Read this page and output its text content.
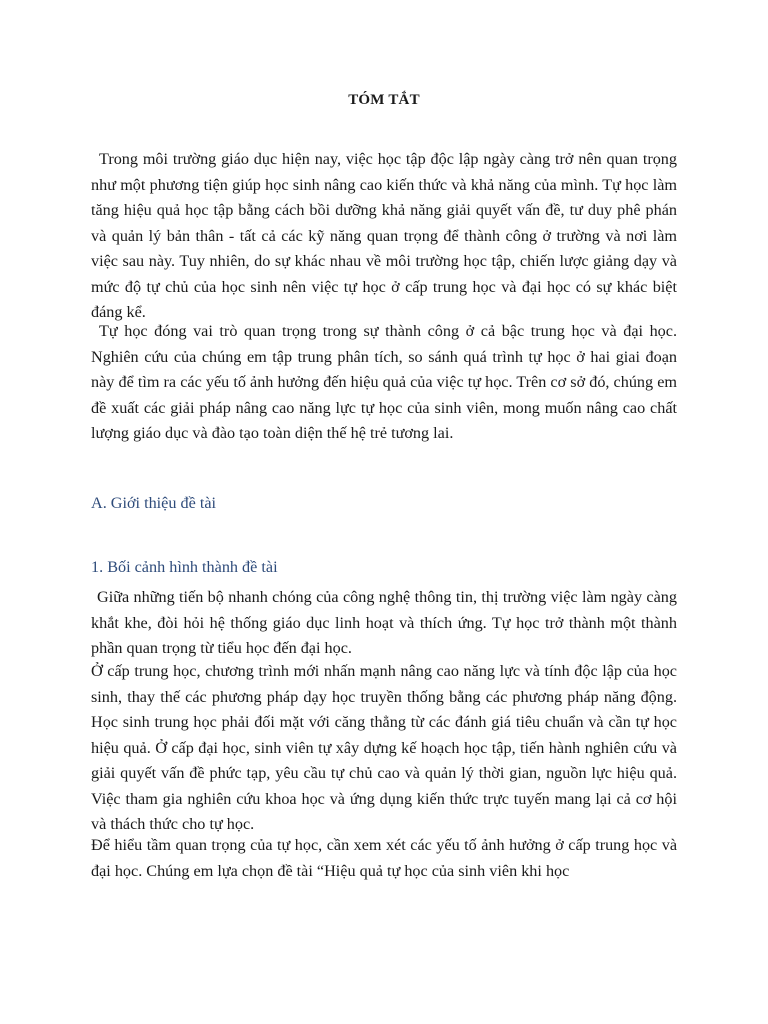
TÓM TẮT

Trong môi trường giáo dục hiện nay, việc học tập độc lập ngày càng trở nên quan trọng như một phương tiện giúp học sinh nâng cao kiến thức và khả năng của mình. Tự học làm tăng hiệu quả học tập bằng cách bồi dưỡng khả năng giải quyết vấn đề, tư duy phê phán và quản lý bản thân - tất cả các kỹ năng quan trọng để thành công ở trường và nơi làm việc sau này. Tuy nhiên, do sự khác nhau về môi trường học tập, chiến lược giảng dạy và mức độ tự chủ của học sinh nên việc tự học ở cấp trung học và đại học có sự khác biệt đáng kể.

Tự học đóng vai trò quan trọng trong sự thành công ở cả bậc trung học và đại học. Nghiên cứu của chúng em tập trung phân tích, so sánh quá trình tự học ở hai giai đoạn này để tìm ra các yếu tố ảnh hưởng đến hiệu quả của việc tự học. Trên cơ sở đó, chúng em đề xuất các giải pháp nâng cao năng lực tự học của sinh viên, mong muốn nâng cao chất lượng giáo dục và đào tạo toàn diện thế hệ trẻ tương lai.

A. Giới thiệu đề tài
1. Bối cảnh hình thành đề tài

Giữa những tiến bộ nhanh chóng của công nghệ thông tin, thị trường việc làm ngày càng khắt khe, đòi hỏi hệ thống giáo dục linh hoạt và thích ứng. Tự học trở thành một thành phần quan trọng từ tiểu học đến đại học.

Ở cấp trung học, chương trình mới nhấn mạnh nâng cao năng lực và tính độc lập của học sinh, thay thế các phương pháp dạy học truyền thống bằng các phương pháp năng động. Học sinh trung học phải đối mặt với căng thẳng từ các đánh giá tiêu chuẩn và cần tự học hiệu quả. Ở cấp đại học, sinh viên tự xây dựng kế hoạch học tập, tiến hành nghiên cứu và giải quyết vấn đề phức tạp, yêu cầu tự chủ cao và quản lý thời gian, nguồn lực hiệu quả. Việc tham gia nghiên cứu khoa học và ứng dụng kiến thức trực tuyến mang lại cả cơ hội và thách thức cho tự học.

Để hiểu tầm quan trọng của tự học, cần xem xét các yếu tố ảnh hưởng ở cấp trung học và đại học. Chúng em lựa chọn đề tài “Hiệu quả tự học của sinh viên khi học
